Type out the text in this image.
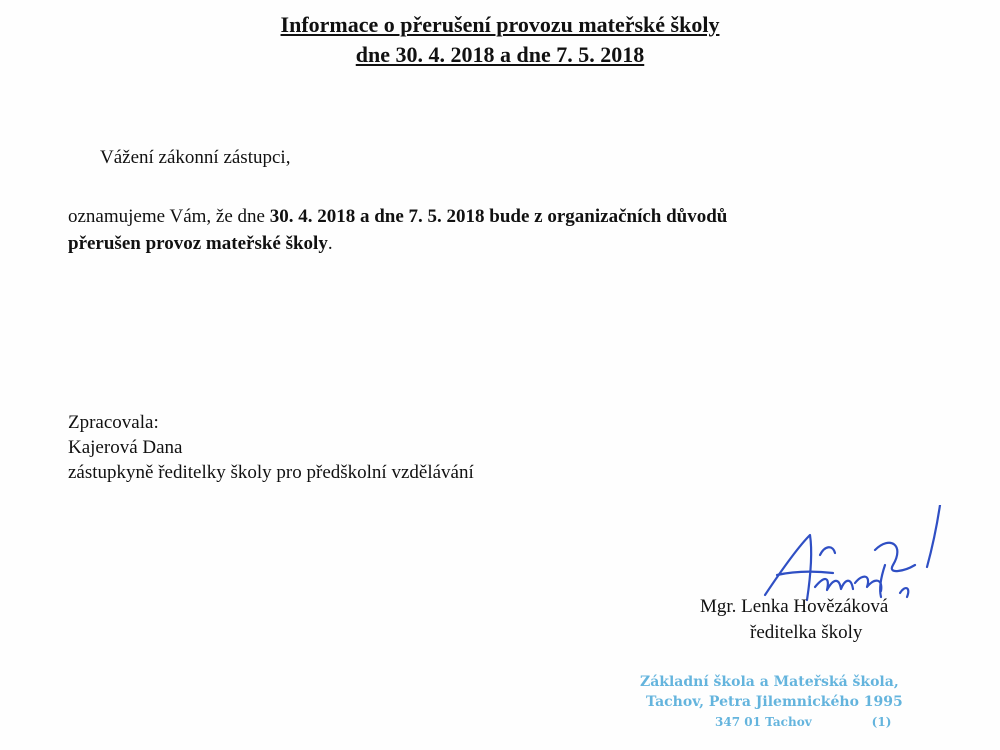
Informace o přerušení provozu mateřské školy
dne 30. 4. 2018 a dne 7. 5. 2018

Vážení zákonní zástupci,

oznamujeme Vám, že dne 30. 4. 2018 a dne 7. 5. 2018 bude z organizačních důvodů
přerušen provoz mateřské školy.

Zpracovala:
Kajerová Dana
zástupkyně ředitelky školy pro předškolní vzdělávání
Mgr. Lenka Hovězáková
ředitelka školy
Základní škola a Mateřská škola,
Tachov, Petra Jilemnického 1995
347 01 Tachov	(1)
